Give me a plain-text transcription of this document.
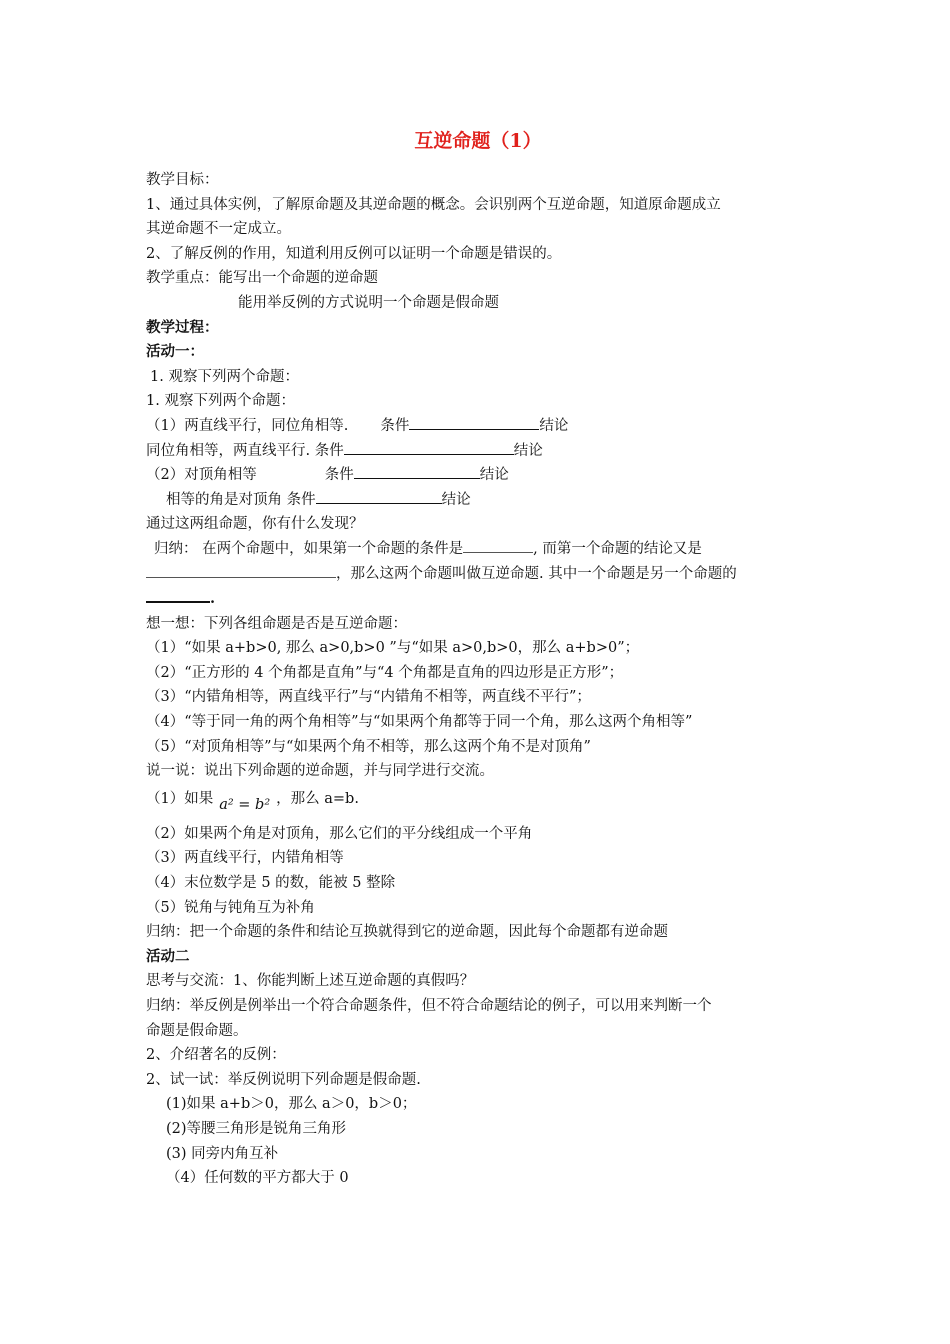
互逆命题（1）
教学目标：
1、通过具体实例，了解原命题及其逆命题的概念。会识别两个互逆命题，知道原命题成立
其逆命题不一定成立。
2、了解反例的作用，知道利用反例可以证明一个命题是错误的。
教学重点：能写出一个命题的逆命题
能用举反例的方式说明一个命题是假命题
教学过程：
活动一：
1. 观察下列两个命题：
1. 观察下列两个命题：
（1）两直线平行，同位角相等. 条件	结论
同位角相等，两直线平行. 条件	结论
（2）对顶角相等	条件	结论
相等的角是对顶角 条件	结论
通过这两组命题，你有什么发现？
归纳： 在两个命题中，如果第一个命题的条件是	, 而第一个命题的结论又是
，那么这两个命题叫做互逆命题. 其中一个命题是另一个命题的
.
想一想：下列各组命题是否是互逆命题：
（1）“如果 a+b>0, 那么 a>0,b>0 ”与“如果 a>0,b>0，那么 a+b>0”；
（2）“正方形的 4 个角都是直角”与“4 个角都是直角的四边形是正方形”；
（3）“内错角相等，两直线平行”与“内错角不相等，两直线不平行”；
（4）“等于同一角的两个角相等”与“如果两个角都等于同一个角，那么这两个角相等”
（5）“对顶角相等”与“如果两个角不相等，那么这两个角不是对顶角”
说一说：说出下列命题的逆命题，并与同学进行交流。
（1）如果 a² = b² ，那么 a=b.
（2）如果两个角是对顶角，那么它们的平分线组成一个平角
（3）两直线平行，内错角相等
（4）末位数学是 5 的数，能被 5 整除
（5）锐角与钝角互为补角
归纳：把一个命题的条件和结论互换就得到它的逆命题，因此每个命题都有逆命题
活动二
思考与交流：1、你能判断上述互逆命题的真假吗？
归纳：举反例是例举出一个符合命题条件，但不符合命题结论的例子，可以用来判断一个
命题是假命题。
2、介绍著名的反例：
2、试一试：举反例说明下列命题是假命题.
(1)如果 a+b＞0，那么 a＞0，b＞0；
(2)等腰三角形是锐角三角形
(3) 同旁内角互补
（4）任何数的平方都大于 0
